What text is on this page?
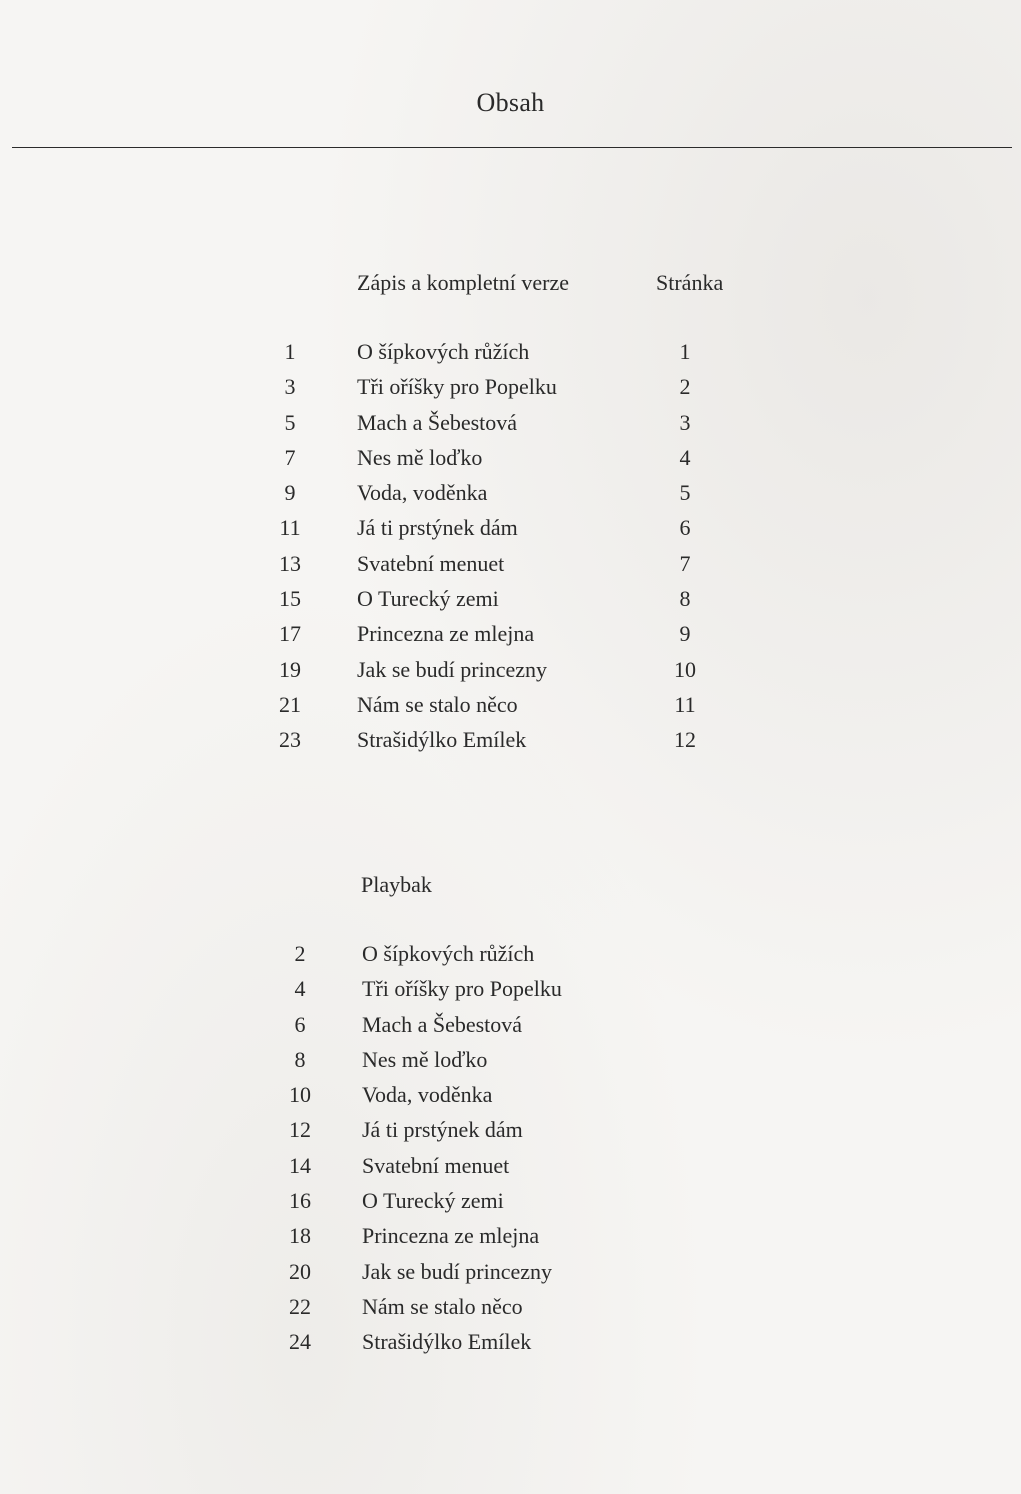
Obsah
Zápis a kompletní verze	Stránka
1	O šípkových růžích	1
3	Tři oříšky pro Popelku	2
5	Mach a Šebestová	3
7	Nes mě loďko	4
9	Voda, voděnka	5
11	Já ti prstýnek dám	6
13	Svatební menuet	7
15	O Turecký zemi	8
17	Princezna ze mlejna	9
19	Jak se budí princezny	10
21	Nám se stalo něco	11
23	Strašidýlko Emílek	12
Playbak
2	O šípkových růžích
4	Tři oříšky pro Popelku
6	Mach a Šebestová
8	Nes mě loďko
10	Voda, voděnka
12	Já ti prstýnek dám
14	Svatební menuet
16	O Turecký zemi
18	Princezna ze mlejna
20	Jak se budí princezny
22	Nám se stalo něco
24	Strašidýlko Emílek
